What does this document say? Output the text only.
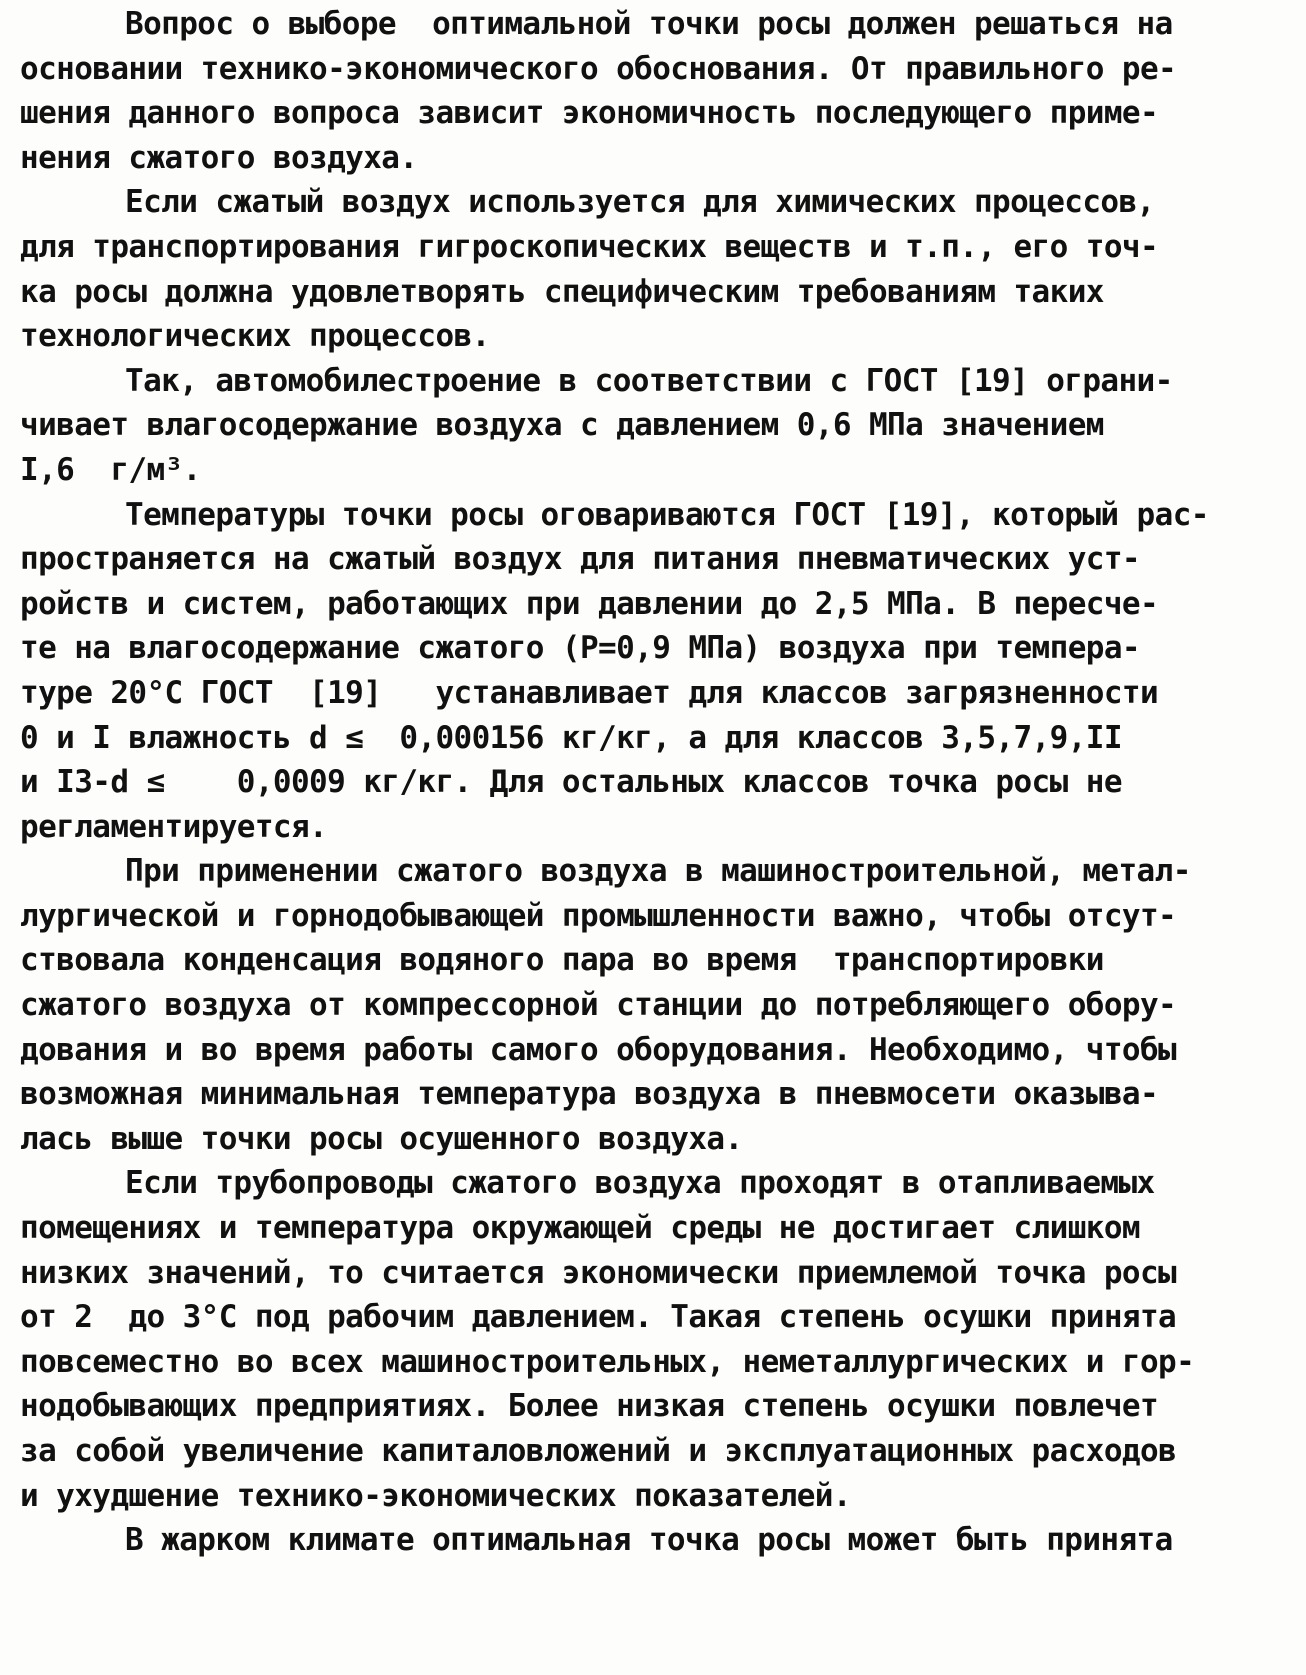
Вопрос о выборе  оптимальной точки росы должен решаться на
основании технико-экономического обоснования. От правильного ре-
шения данного вопроса зависит экономичность последующего приме-
нения сжатого воздуха.
Если сжатый воздух используется для химических процессов,
для транспортирования гигроскопических веществ и т.п., его точ-
ка росы должна удовлетворять специфическим требованиям таких
технологических процессов.
Так, автомобилестроение в соответствии с ГОСТ [19] ограни-
чивает влагосодержание воздуха с давлением 0,6 МПа значением
I,6  г/м³.
Температуры точки росы оговариваются ГОСТ [19], который рас-
пространяется на сжатый воздух для питания пневматических уст-
ройств и систем, работающих при давлении до 2,5 МПа. В пересче-
те на влагосодержание сжатого (Р=0,9 МПа) воздуха при темпера-
туре 20°С ГОСТ  [19]   устанавливает для классов загрязненности
0 и I влажность d ≤  0,000156 кг/кг, а для классов 3,5,7,9,II
и I3-d ≤    0,0009 кг/кг. Для остальных классов точка росы не
регламентируется.
При применении сжатого воздуха в машиностроительной, метал-
лургической и горнодобывающей промышленности важно, чтобы отсут-
ствовала конденсация водяного пара во время  транспортировки
сжатого воздуха от компрессорной станции до потребляющего обору-
дования и во время работы самого оборудования. Необходимо, чтобы
возможная минимальная температура воздуха в пневмосети оказыва-
лась выше точки росы осушенного воздуха.
Если трубопроводы сжатого воздуха проходят в отапливаемых
помещениях и температура окружающей среды не достигает слишком
низких значений, то считается экономически приемлемой точка росы
от 2  до 3°С под рабочим давлением. Такая степень осушки принята
повсеместно во всех машиностроительных, неметаллургических и гор-
нодобывающих предприятиях. Более низкая степень осушки повлечет
за собой увеличение капиталовложений и эксплуатационных расходов
и ухудшение технико-экономических показателей.
В жарком климате оптимальная точка росы может быть принята
